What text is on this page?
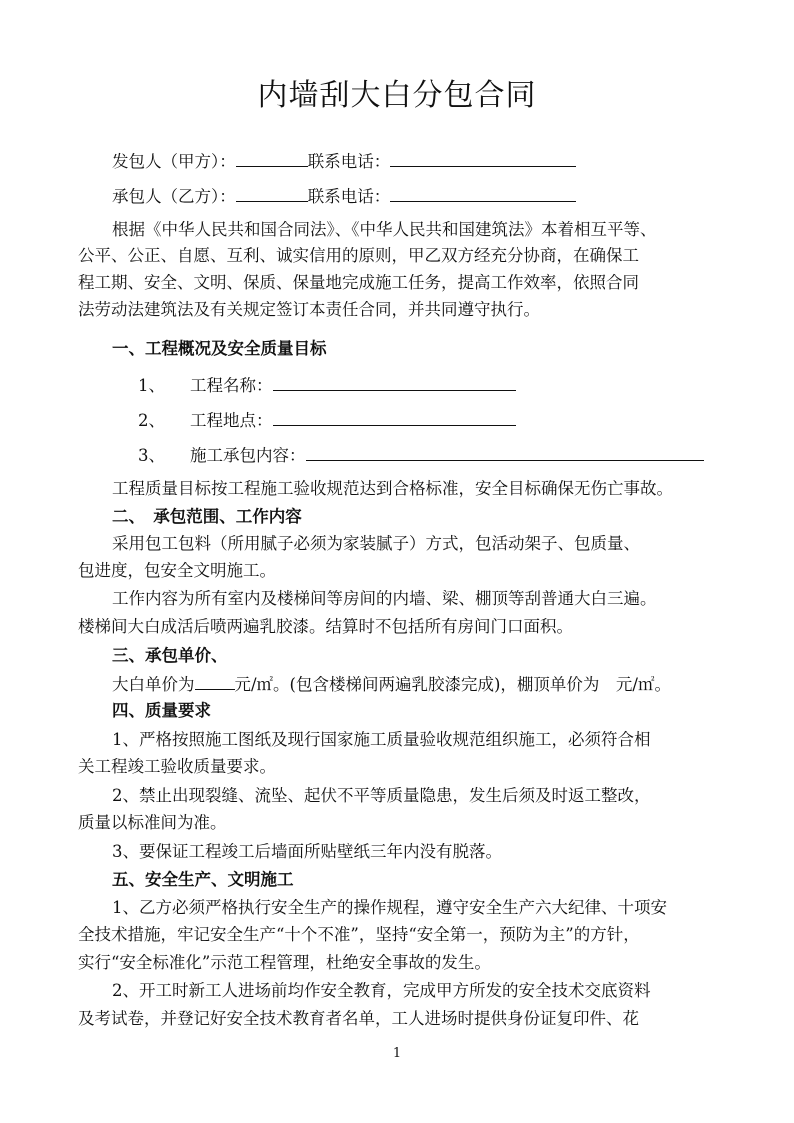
内墙刮大白分包合同
发包人（甲方）：	联系电话：
承包人（乙方）：	联系电话：
根据《中华人民共和国合同法》、《中华人民共和国建筑法》本着相互平等、
公平、公正、自愿、互利、诚实信用的原则，甲乙双方经充分协商，在确保工
程工期、安全、文明、保质、保量地完成施工任务，提高工作效率，依照合同
法劳动法建筑法及有关规定签订本责任合同，并共同遵守执行。
一、工程概况及安全质量目标
1、 工程名称：
2、 工程地点：
3、 施工承包内容：
工程质量目标按工程施工验收规范达到合格标准，安全目标确保无伤亡事故。
二、　承包范围、工作内容
采用包工包料（所用腻子必须为家装腻子）方式，包活动架子、包质量、
包进度，包安全文明施工。
工作内容为所有室内及楼梯间等房间的内墙、梁、棚顶等刮普通大白三遍。
楼梯间大白成活后喷两遍乳胶漆。结算时不包括所有房间门口面积。
三、承包单价、
大白单价为 元/㎡。(包含楼梯间两遍乳胶漆完成)，棚顶单价为　元/㎡。
四、质量要求
1、严格按照施工图纸及现行国家施工质量验收规范组织施工，必须符合相
关工程竣工验收质量要求。
2、禁止出现裂缝、流坠、起伏不平等质量隐患，发生后须及时返工整改，
质量以标准间为准。
3、要保证工程竣工后墙面所贴壁纸三年内没有脱落。
五、安全生产、文明施工
1、乙方必须严格执行安全生产的操作规程，遵守安全生产六大纪律、十项安
全技术措施，牢记安全生产“十个不准”，坚持“安全第一，预防为主”的方针，
实行“安全标准化”示范工程管理，杜绝安全事故的发生。
2、开工时新工人进场前均作安全教育，完成甲方所发的安全技术交底资料
及考试卷，并登记好安全技术教育者名单，工人进场时提供身份证复印件、花
1
